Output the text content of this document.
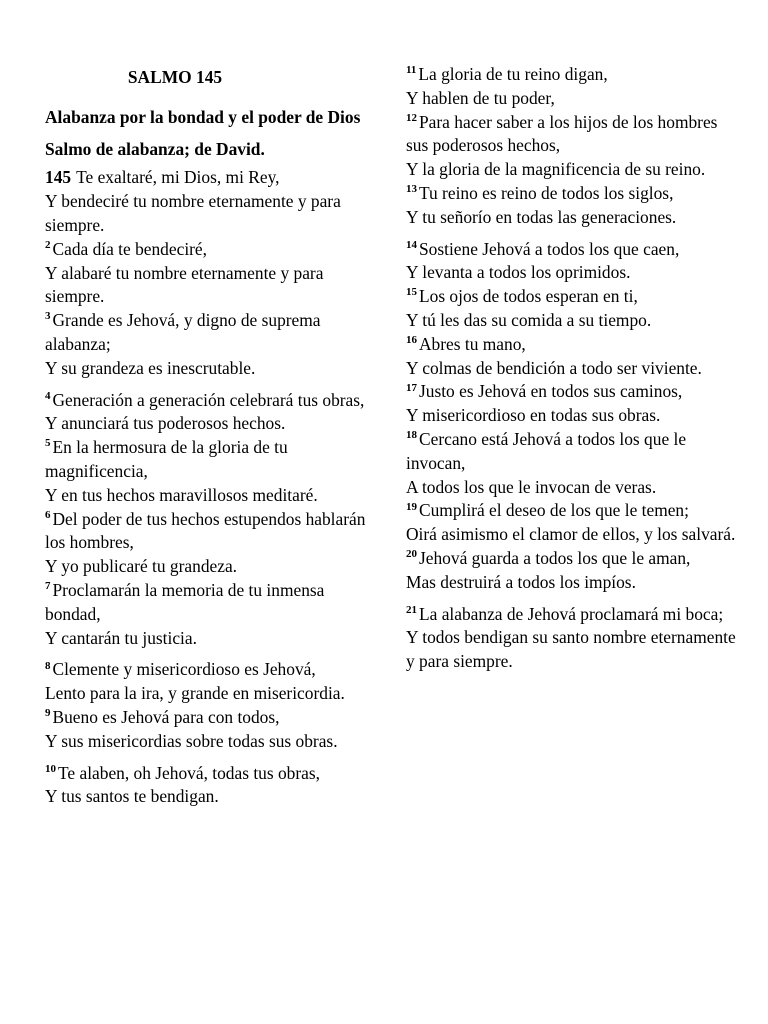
SALMO 145
Alabanza por la bondad y el poder de Dios
Salmo de alabanza; de David.
145 Te exaltaré, mi Dios, mi Rey,
Y bendeciré tu nombre eternamente y para siempre.
$^2$ Cada día te bendeciré,
Y alabaré tu nombre eternamente y para siempre.
$^3$ Grande es Jehová, y digno de suprema alabanza;
Y su grandeza es inescrutable.
$^4$ Generación a generación celebrará tus obras,
Y anunciará tus poderosos hechos.
$^5$ En la hermosura de la gloria de tu magnificencia,
Y en tus hechos maravillosos meditaré.
$^6$ Del poder de tus hechos estupendos hablarán los hombres,
Y yo publicaré tu grandeza.
$^7$ Proclamarán la memoria de tu inmensa bondad,
Y cantarán tu justicia.
$^8$ Clemente y misericordioso es Jehová,
Lento para la ira, y grande en misericordia.
$^9$ Bueno es Jehová para con todos,
Y sus misericordias sobre todas sus obras.
$^{10}$ Te alaben, oh Jehová, todas tus obras,
Y tus santos te bendigan.
$^{11}$ La gloria de tu reino digan,
Y hablen de tu poder,
$^{12}$ Para hacer saber a los hijos de los hombres sus poderosos hechos,
Y la gloria de la magnificencia de su reino.
$^{13}$ Tu reino es reino de todos los siglos,
Y tu señorío en todas las generaciones.
$^{14}$ Sostiene Jehová a todos los que caen,
Y levanta a todos los oprimidos.
$^{15}$ Los ojos de todos esperan en ti,
Y tú les das su comida a su tiempo.
$^{16}$ Abres tu mano,
Y colmas de bendición a todo ser viviente.
$^{17}$ Justo es Jehová en todos sus caminos,
Y misericordioso en todas sus obras.
$^{18}$ Cercano está Jehová a todos los que le invocan,
A todos los que le invocan de veras.
$^{19}$ Cumplirá el deseo de los que le temen;
Oirá asimismo el clamor de ellos, y los salvará.
$^{20}$ Jehová guarda a todos los que le aman,
Mas destruirá a todos los impíos.
$^{21}$ La alabanza de Jehová proclamará mi boca;
Y todos bendigan su santo nombre eternamente y para siempre.
